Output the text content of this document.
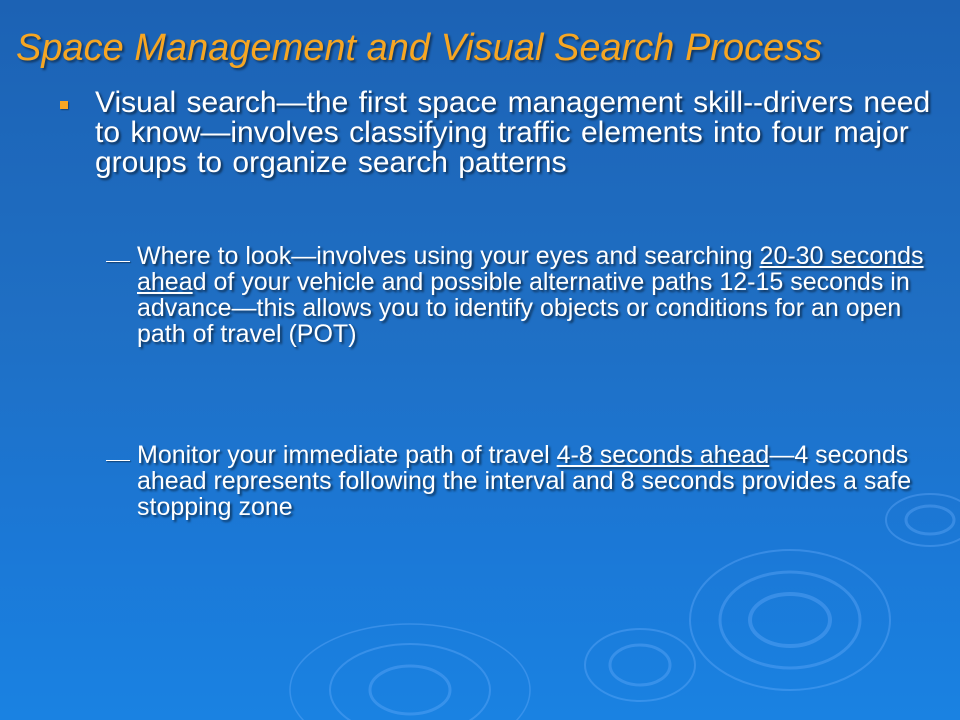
Space Management and Visual Search Process
Visual search—the first space management skill--drivers need to know—involves classifying traffic elements into four major groups to organize search patterns
Where to look—involves using your eyes and searching 20-30 seconds ahead of your vehicle and possible alternative paths 12-15 seconds in advance—this allows you to identify objects or conditions for an open path of travel (POT)
Monitor your immediate path of travel 4-8 seconds ahead—4 seconds ahead represents following the interval and 8 seconds provides a safe stopping zone
